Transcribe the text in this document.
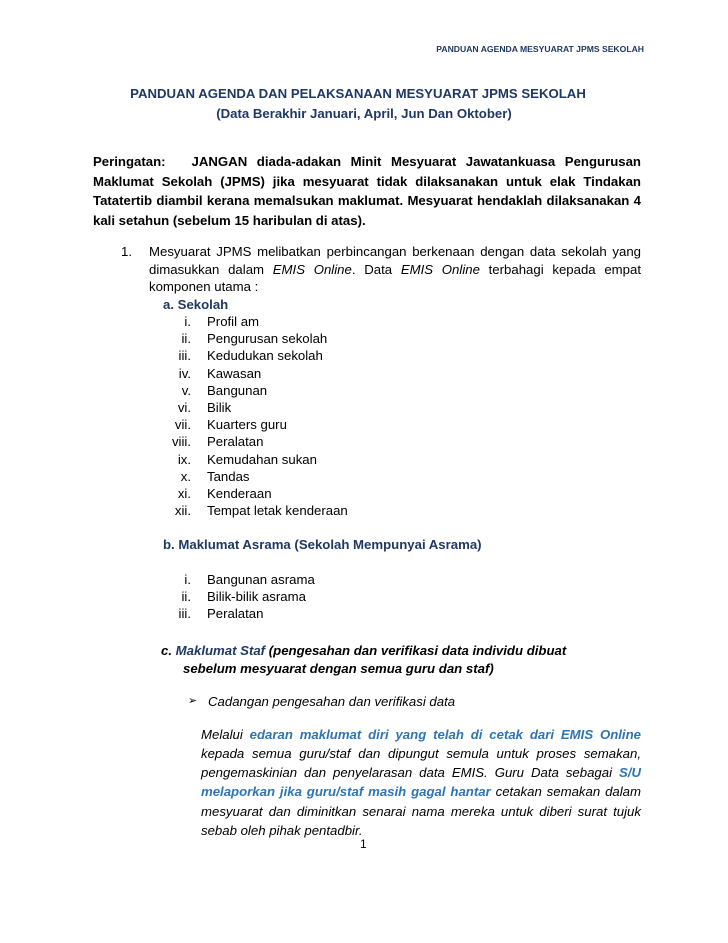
PANDUAN AGENDA MESYUARAT JPMS SEKOLAH
PANDUAN AGENDA DAN PELAKSANAAN MESYUARAT JPMS SEKOLAH
(Data Berakhir Januari, April, Jun Dan Oktober)
Peringatan: JANGAN diada-adakan Minit Mesyuarat Jawatankuasa Pengurusan Maklumat Sekolah (JPMS) jika mesyuarat tidak dilaksanakan untuk elak Tindakan Tatatertib diambil kerana memalsukan maklumat. Mesyuarat hendaklah dilaksanakan 4 kali setahun (sebelum 15 haribulan di atas).
1. Mesyuarat JPMS melibatkan perbincangan berkenaan dengan data sekolah yang dimasukkan dalam EMIS Online. Data EMIS Online terbahagi kepada empat komponen utama :
a. Sekolah
i. Profil am
ii. Pengurusan sekolah
iii. Kedudukan sekolah
iv. Kawasan
v. Bangunan
vi. Bilik
vii. Kuarters guru
viii. Peralatan
ix. Kemudahan sukan
x. Tandas
xi. Kenderaan
xii. Tempat letak kenderaan
b. Maklumat Asrama (Sekolah Mempunyai Asrama)
i. Bangunan asrama
ii. Bilik-bilik asrama
iii. Peralatan
c. Maklumat Staf (pengesahan dan verifikasi data individu dibuat
sebelum mesyuarat dengan semua guru dan staf)
➢ Cadangan pengesahan dan verifikasi data
Melalui edaran maklumat diri yang telah di cetak dari EMIS Online kepada semua guru/staf dan dipungut semula untuk proses semakan, pengemaskinian dan penyelarasan data EMIS. Guru Data sebagai S/U melaporkan jika guru/staf masih gagal hantar cetakan semakan dalam mesyuarat dan diminitkan senarai nama mereka untuk diberi surat tujuk sebab oleh pihak pentadbir.
1
